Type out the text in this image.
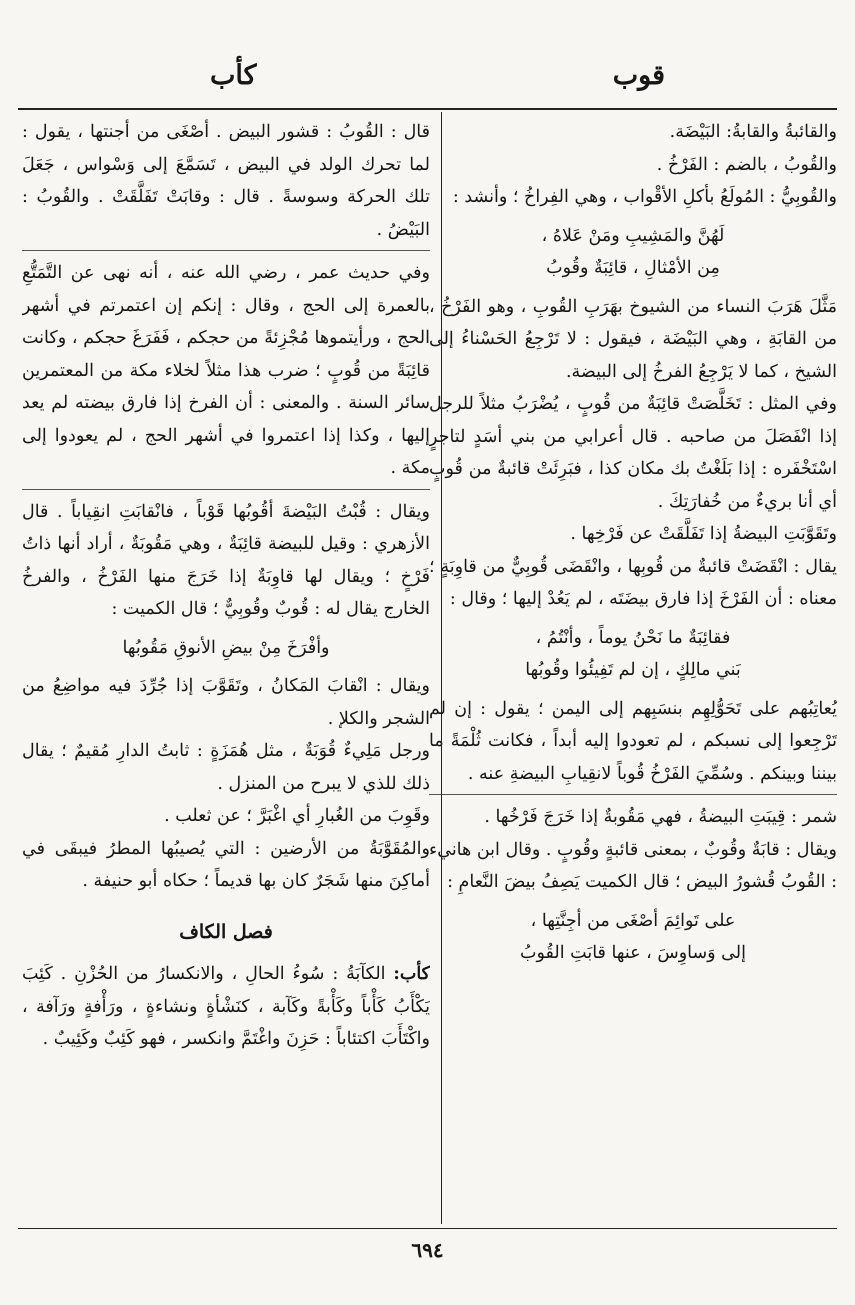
قوب
كأب

والقائبةُ والقابةُ: البَيْضَة.

والقُوبُ ، بالضم : الفَرْخُ .

والقُوبِيُّ : المُولَعُ بأكلِ الأقْواب ، وهي الفِراخُ ؛ وأنشد :

لَهُنَّ والمَشِيبِ ومَنْ عَلاهُ ،
مِن الأمْثالِ ، قائِبَةٌ وقُوبُ

مَثَّلَ هَرَبَ النساء من الشيوخ بهَرَبِ القُوبِ ، وهو الفَرْخُ ، من القابَةِ ، وهي البَيْضَة ، فيقول : لا تَرْجِعُ الحَسْناءُ إلى الشيخ ، كما لا يَرْجِعُ الفرخُ إلى البيضة.

وفي المثل : تَخَلَّصَتْ قائِبَةٌ من قُوبٍ ، يُضْرَبُ مثلاً للرجل إذا انْفَصَلَ من صاحبه . قال أعرابي من بني أسَدٍ لتاجرٍ اسْتَخْفَره : إذا بَلَغْتُ بك مكان كذا ، فبَرِئَتْ قائبةٌ من قُوبٍ أي أنا بريءٌ من خُفارَتِكَ .

وتَقَوَّبَتِ البيضةُ إذا تَفَلَّقَتْ عن فَرْخِها .

يقال : انْقَضَتْ قائبةٌ من قُوبِها ، وانْقَضَى قُوبِيٌّ من قاوِبَةٍ ؛ معناه : أن الفَرْخَ إذا فارق بيضَتَه ، لم يَعُدْ إليها ؛ وقال :

فقائِبَةٌ ما نَحْنُ يوماً ، وأنْتُمُ ،
بَني مالِكٍ ، إن لم تَفِيئُوا وقُوبُها

يُعاتِبُهم على تَحَوُّلِهِم بنسَبِهم إلى اليمن ؛ يقول : إن لم تَرْجِعوا إلى نسبكم ، لم تعودوا إليه أبداً ، فكانت ثُلْمَةً ما بيننا وبينكم . وسُمِّيَ الفَرْخُ قُوباً لانقِيابِ البيضةِ عنه .

شمر : قِيبَتِ البيضةُ ، فهي مَقُوبةٌ إذا خَرَجَ فَرْخُها .

ويقال : قابَةٌ وقُوبٌ ، بمعنى قائبةٍ وقُوبٍ . وقال ابن هانيء : القُوبُ قُشورُ البيض ؛ قال الكميت يَصِفُ بيضَ النَّعامِ :

على تَوائِمَ أصْغَى من أجِنَّتِها ،
إلى وَساوِسَ ، عنها قابَتِ القُوبُ

قال : القُوبُ : قشور البيض . أصْغَى من أجنتها ، يقول : لما تحرك الولد في البيض ، تَسَمَّعَ إلى وَسْواس ، جَعَلَ تلك الحركة وسوسةً . قال : وقابَتْ تَفَلَّقَتْ . والقُوبُ : البَيْضُ .

وفي حديث عمر ، رضي الله عنه ، أنه نهى عن التَّمَتُّعِ بالعمرة إلى الحج ، وقال : إنكم إن اعتمرتم في أشهر الحج ، ورأيتموها مُجْزِئةً من حجكم ، فَفَرَغَ حجكم ، وكانت قائِبَةً من قُوبٍ ؛ ضرب هذا مثلاً لخلاء مكة من المعتمرين سائر السنة . والمعنى : أن الفرخ إذا فارق بيضته لم يعد إليها ، وكذا إذا اعتمروا في أشهر الحج ، لم يعودوا إلى مكة .

ويقال : قُبْتُ البَيْضةَ أقُوبُها قَوْباً ، فانْقابَتِ انقِياباً . قال الأزهري : وقيل للبيضة قائِبَةٌ ، وهي مَقُوبَةٌ ، أراد أنها ذاتُ فَرْخٍ ؛ ويقال لها قاوِبَةٌ إذا خَرَجَ منها الفَرْخُ ، والفرخُ الخارج يقال له : قُوبٌ وقُوبِيٌّ ؛ قال الكميت :

وأفْرَخَ مِنْ بيضِ الأنوقِ مَقُوبُها

ويقال : انْقابَ المَكانُ ، وتَقَوَّبَ إذا جُرِّدَ فيه مواضِعُ من الشجر والكلإ .

ورجل مَلِيءٌ قُوَبَةٌ ، مثل هُمَزَةٍ : ثابتُ الدارِ مُقيمٌ ؛ يقال ذلك للذي لا يبرح من المنزل .

وقَوِبَ من الغُبارِ أي اغْبَرَّ ؛ عن ثعلب .

والمُقَوَّبَةُ من الأرضين : التي يُصيبُها المطرُ فيبقَى في أماكِنَ منها شَجَرٌ كان بها قديماً ؛ حكاه أبو حنيفة .

فصل الكاف

كأب: الكآبَةُ : سُوءُ الحالِ ، والانكسارُ من الحُزْنِ . كَئِبَ يَكْأَبُ كَأْباً وكَأْبةً وكَآبة ، كنَشْأةٍ ونشاءةٍ ، ورَأْفةٍ ورَآفة ، واكْتَأَبَ اكتئاباً : حَزِنَ واغْتَمَّ وانكسر ، فهو كَئِبٌ وكَئِيبٌ .

٦٩٤
